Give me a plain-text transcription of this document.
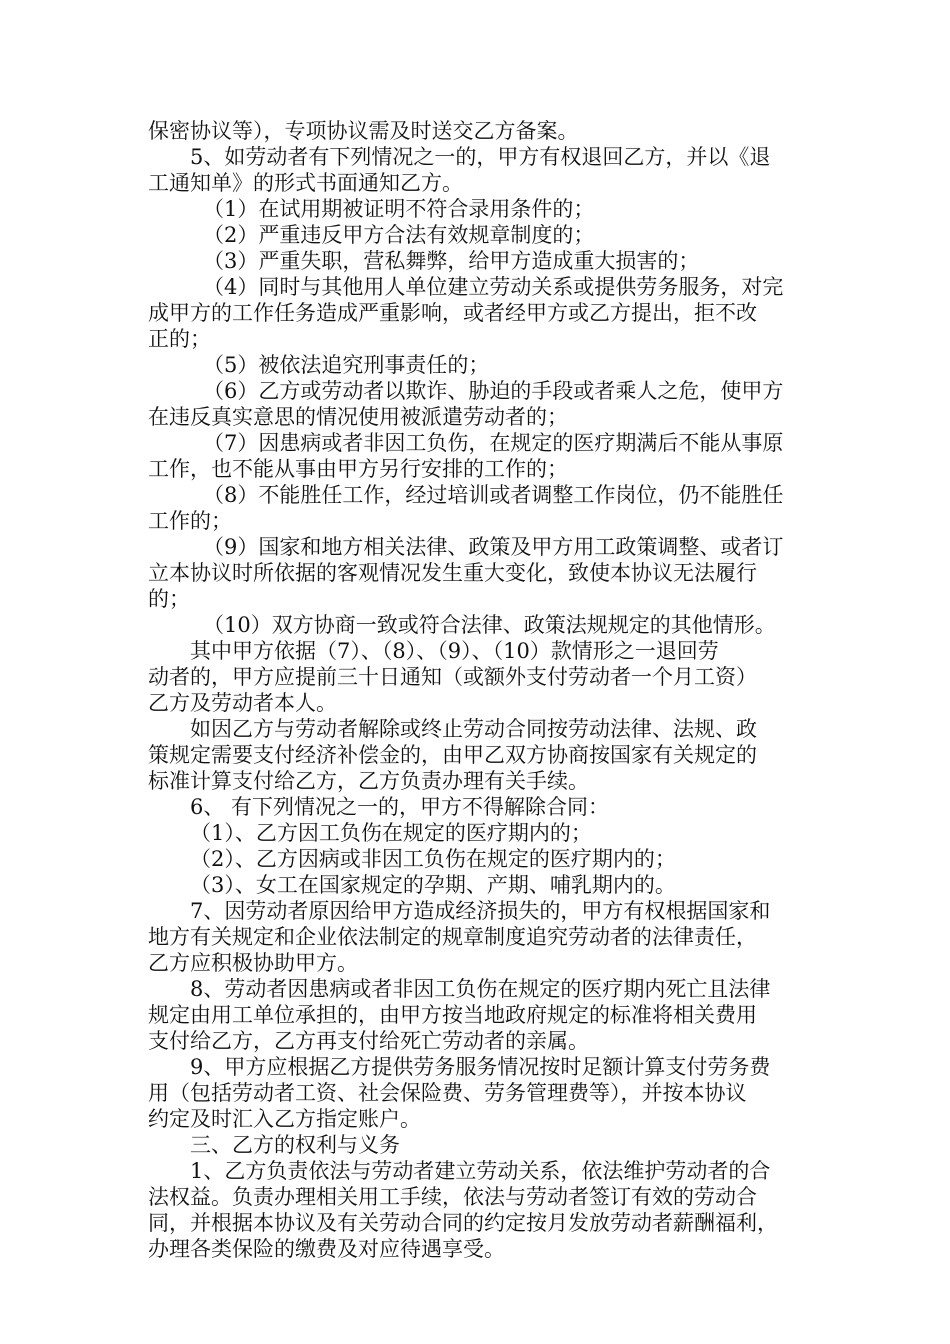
保密协议等），专项协议需及时送交乙方备案。
5、如劳动者有下列情况之一的，甲方有权退回乙方，并以《退
工通知单》的形式书面通知乙方。
（1）在试用期被证明不符合录用条件的；
（2）严重违反甲方合法有效规章制度的；
（3）严重失职，营私舞弊，给甲方造成重大损害的；
（4）同时与其他用人单位建立劳动关系或提供劳务服务，对完
成甲方的工作任务造成严重影响，或者经甲方或乙方提出，拒不改
正的；
（5）被依法追究刑事责任的；
（6）乙方或劳动者以欺诈、胁迫的手段或者乘人之危，使甲方
在违反真实意思的情况使用被派遣劳动者的；
（7）因患病或者非因工负伤，在规定的医疗期满后不能从事原
工作，也不能从事由甲方另行安排的工作的；
（8）不能胜任工作，经过培训或者调整工作岗位，仍不能胜任
工作的；
（9）国家和地方相关法律、政策及甲方用工政策调整、或者订
立本协议时所依据的客观情况发生重大变化，致使本协议无法履行
的；
（10）双方协商一致或符合法律、政策法规规定的其他情形。
其中甲方依据（7）、（8）、（9）、（10）款情形之一退回劳
动者的，甲方应提前三十日通知（或额外支付劳动者一个月工资）
乙方及劳动者本人。
如因乙方与劳动者解除或终止劳动合同按劳动法律、法规、政
策规定需要支付经济补偿金的，由甲乙双方协商按国家有关规定的
标准计算支付给乙方，乙方负责办理有关手续。
6、 有下列情况之一的，甲方不得解除合同：
（1）、乙方因工负伤在规定的医疗期内的；
（2）、乙方因病或非因工负伤在规定的医疗期内的；
（3）、女工在国家规定的孕期、产期、哺乳期内的。
7、因劳动者原因给甲方造成经济损失的，甲方有权根据国家和
地方有关规定和企业依法制定的规章制度追究劳动者的法律责任，
乙方应积极协助甲方。
8、劳动者因患病或者非因工负伤在规定的医疗期内死亡且法律
规定由用工单位承担的，由甲方按当地政府规定的标准将相关费用
支付给乙方，乙方再支付给死亡劳动者的亲属。
9、甲方应根据乙方提供劳务服务情况按时足额计算支付劳务费
用（包括劳动者工资、社会保险费、劳务管理费等），并按本协议
约定及时汇入乙方指定账户。
三、乙方的权利与义务
1、乙方负责依法与劳动者建立劳动关系，依法维护劳动者的合
法权益。负责办理相关用工手续，依法与劳动者签订有效的劳动合
同，并根据本协议及有关劳动合同的约定按月发放劳动者薪酬福利，
办理各类保险的缴费及对应待遇享受。
